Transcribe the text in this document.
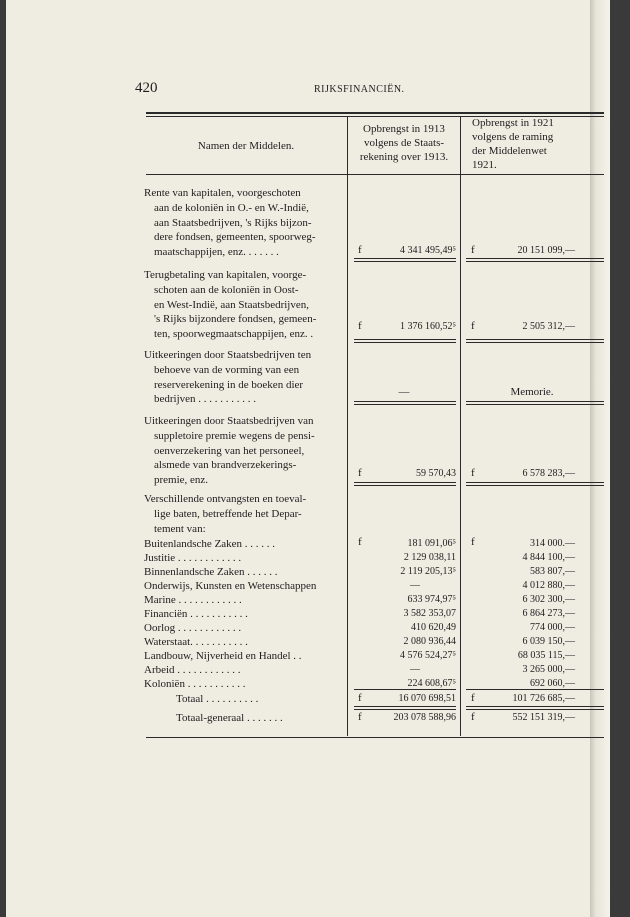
420	RIJKSFINANCIËN.
Namen der Middelen.
Opbrengst in 1913
volgens de Staats-
rekening over 1913.
Opbrengst in 1921
volgens de raming
der Middelenwet
1921.
Rente van kapitalen, voorgeschoten
aan de koloniën in O.- en W.-Indië,
aan Staatsbedrijven, 's Rijks bijzon-
dere fondsen, gemeenten, spoorweg-
maatschappijen, enz. . . . . . .	f	4 341 495,49⁵ f	20 151 099,—
Terugbetaling van kapitalen, voorge-
schoten aan de koloniën in Oost-
en West-Indië, aan Staatsbedrijven,
's Rijks bijzondere fondsen, gemeen-
ten, spoorwegmaatschappijen, enz. .
f	1 376 160,52⁵ f	2 505 312,—
Uitkeeringen door Staatsbedrijven ten
behoeve van de vorming van een
reserverekening in de boeken dier
bedrijven . . . . . . . . . . .
—	Memorie.
Uitkeeringen door Staatsbedrijven van
suppletoire premie wegens de pensi-
oenverzekering van het personeel,
alsmede van brandverzekerings-
premie, enz.
f	59 570,43 f	6 578 283,—
Verschillende ontvangsten en toeval-
lige baten, betreffende het Depar-
tement van:
f	f
Buitenlandsche Zaken . . . . . .	181 091,06⁵	314 000.—
Justitie . . . . . . . . . . . .	2 129 038,11	4 844 100,—
Binnenlandsche Zaken . . . . . .	2 119 205,13⁵	583 807,—
Onderwijs, Kunsten en Wetenschappen	—	4 012 880,—
Marine . . . . . . . . . . . .	633 974,97⁵	6 302 300,—
Financiën . . . . . . . . . . .	3 582 353,07	6 864 273,—
Oorlog . . . . . . . . . . . .	410 620,49	774 000,—
Waterstaat. . . . . . . . . . .	2 080 936,44	6 039 150,—
Landbouw, Nijverheid en Handel . .	4 576 524,27⁵	68 035 115,—
Arbeid . . . . . . . . . . . .	—	3 265 000,—
Koloniën . . . . . . . . . . .	224 608,67⁵	692 060,—
Totaal . . . . . . . . . .	f	16 070 698,51 f	101 726 685,—
Totaal-generaal . . . . . . .	f	203 078 588,96 f	552 151 319,—
